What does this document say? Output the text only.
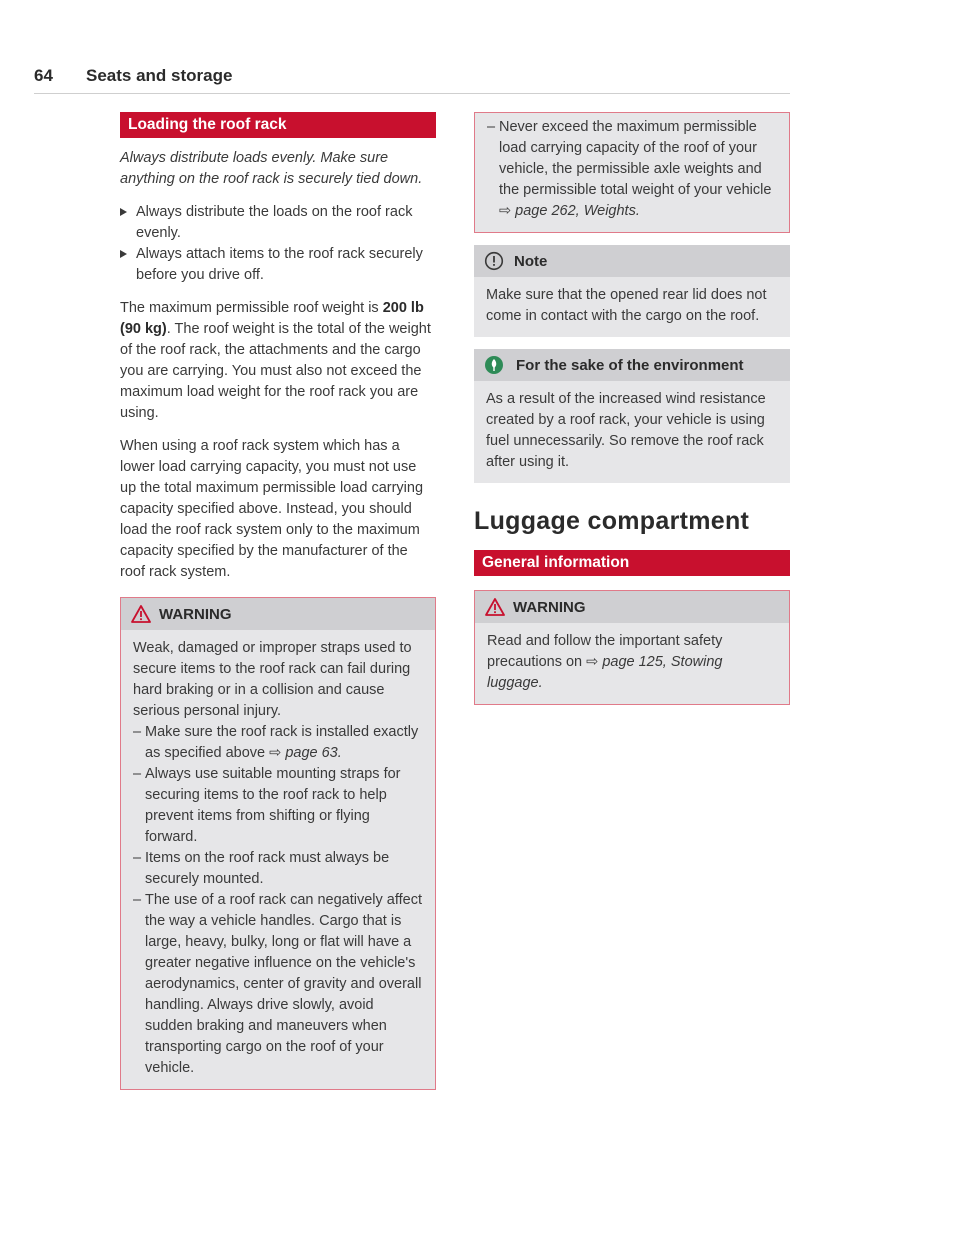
64 Seats and storage
Loading the roof rack

Always distribute loads evenly. Make sure anything on the roof rack is securely tied down.

Always distribute the loads on the roof rack evenly.
Always attach items to the roof rack securely before you drive off.

The maximum permissible roof weight is 200 lb (90 kg). The roof weight is the total of the weight of the roof rack, the attachments and the cargo you are carrying. You must also not exceed the maximum load weight for the roof rack you are using.

When using a roof rack system which has a lower load carrying capacity, you must not use up the total maximum permissible load carrying capacity specified above. Instead, you should load the roof rack system only to the maximum capacity specified by the manufacturer of the roof rack system.

WARNING

Weak, damaged or improper straps used to secure items to the roof rack can fail during hard braking or in a collision and cause serious personal injury.

– Make sure the roof rack is installed exactly as specified above ⇨ page 63.
– Always use suitable mounting straps for securing items to the roof rack to help prevent items from shifting or flying forward.
– Items on the roof rack must always be securely mounted.
– The use of a roof rack can negatively affect the way a vehicle handles. Cargo that is large, heavy, bulky, long or flat will have a greater negative influence on the vehicle's aerodynamics, center of gravity and overall handling. Always drive slowly, avoid sudden braking and maneuvers when transporting cargo on the roof of your vehicle.
– Never exceed the maximum permissible load carrying capacity of the roof of your vehicle, the permissible axle weights and the permissible total weight of your vehicle ⇨ page 262, Weights.
Note

Make sure that the opened rear lid does not come in contact with the cargo on the roof.

For the sake of the environment

As a result of the increased wind resistance created by a roof rack, your vehicle is using fuel unnecessarily. So remove the roof rack after using it.

Luggage compartment
General information
WARNING

Read and follow the important safety precautions on ⇨ page 125, Stowing luggage.
